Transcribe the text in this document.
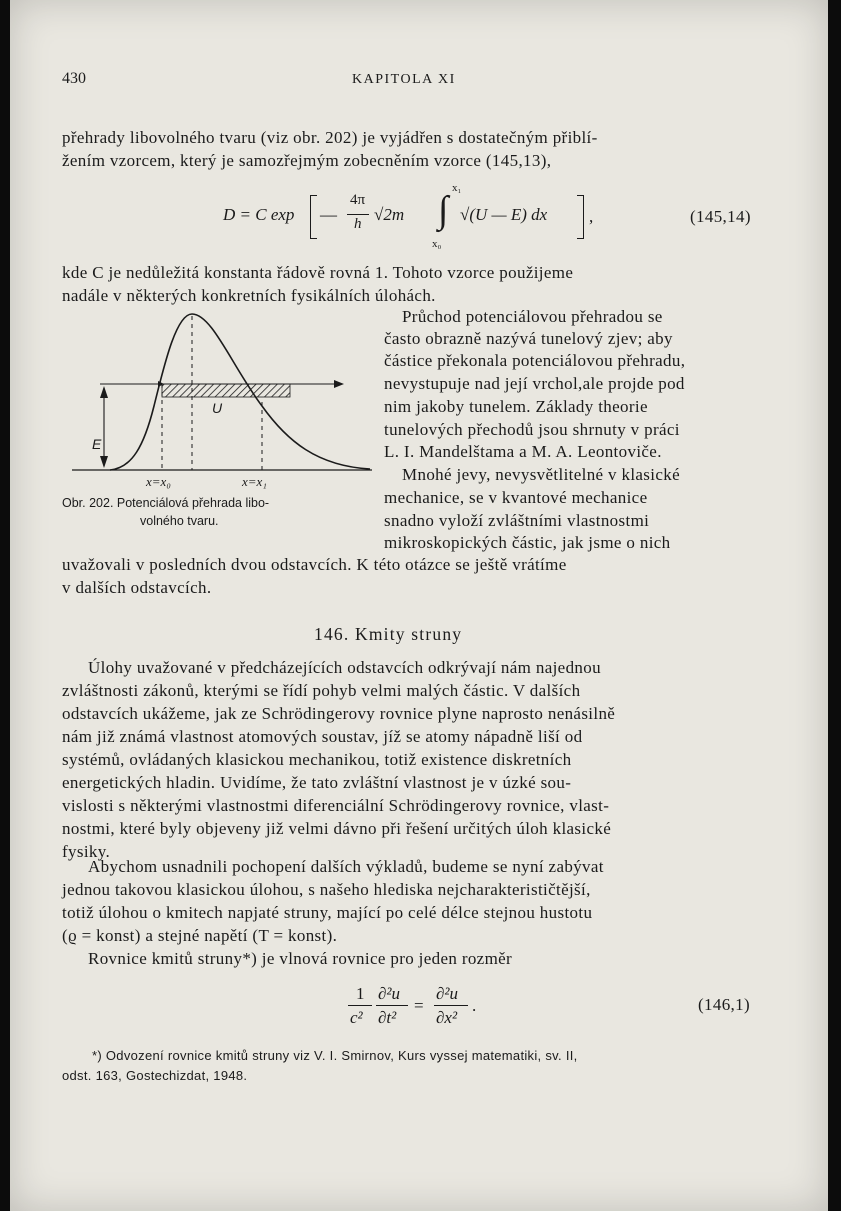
430	KAPITOLA XI
přehrady libovolného tvaru (viz obr. 202) je vyjádřen s dostatečným přiblí-
žením vzorcem, který je samozřejmým zobecněním vzorce (145,13),
D = C exp —
4π
h √2m
x₁
∫
x₀
√(U — E) dx ,	(145,14)
kde C je nedůležitá konstanta řádově rovná 1. Tohoto vzorce použijeme
nadále v některých konkretních fysikálních úlohách.
E
U
x=x₀	x=x₁
Obr. 202. Potenciálová přehrada libo-
volného tvaru.
Průchod potenciálovou přehradou se
často obrazně nazývá tunelový zjev; aby
částice překonala potenciálovou přehradu,
nevystupuje nad její vrchol,ale projde pod
nim jakoby tunelem. Základy theorie
tunelových přechodů jsou shrnuty v práci
L. I. Mandelštama a M. A. Leontoviče.
Mnohé jevy, nevysvětlitelné v klasické
mechanice, se v kvantové mechanice
snadno vyloží zvláštními vlastnostmi
mikroskopických částic, jak jsme o nich
uvažovali v posledních dvou odstavcích. K této otázce se ještě vrátíme
v dalších odstavcích.
146. Kmity struny
Úlohy uvažované v předcházejících odstavcích odkrývají nám najednou
zvláštnosti zákonů, kterými se řídí pohyb velmi malých částic. V dalších
odstavcích ukážeme, jak ze Schrödingerovy rovnice plyne naprosto nenásilně
nám již známá vlastnost atomových soustav, jíž se atomy nápadně liší od
systémů, ovládaných klasickou mechanikou, totiž existence diskretních
energetických hladin. Uvidíme, že tato zvláštní vlastnost je v úzké sou-
vislosti s některými vlastnostmi diferenciální Schrödingerovy rovnice, vlast-
nostmi, které byly objeveny již velmi dávno při řešení určitých úloh klasické
fysiky.
Abychom usnadnili pochopení dalších výkladů, budeme se nyní zabývat
jednou takovou klasickou úlohou, s našeho hlediska nejcharakterističtější,
totiž úlohou o kmitech napjaté struny, mající po celé délce stejnou hustotu
(ϱ = konst) a stejné napětí (T = konst).
Rovnice kmitů struny*) je vlnová rovnice pro jeden rozměr
1
c²
∂²u
∂t²
=
∂²u
∂x²
.	(146,1)
*) Odvození rovnice kmitů struny viz V. I. Smirnov, Kurs vyssej matematiki, sv. II,
odst. 163, Gostechizdat, 1948.
